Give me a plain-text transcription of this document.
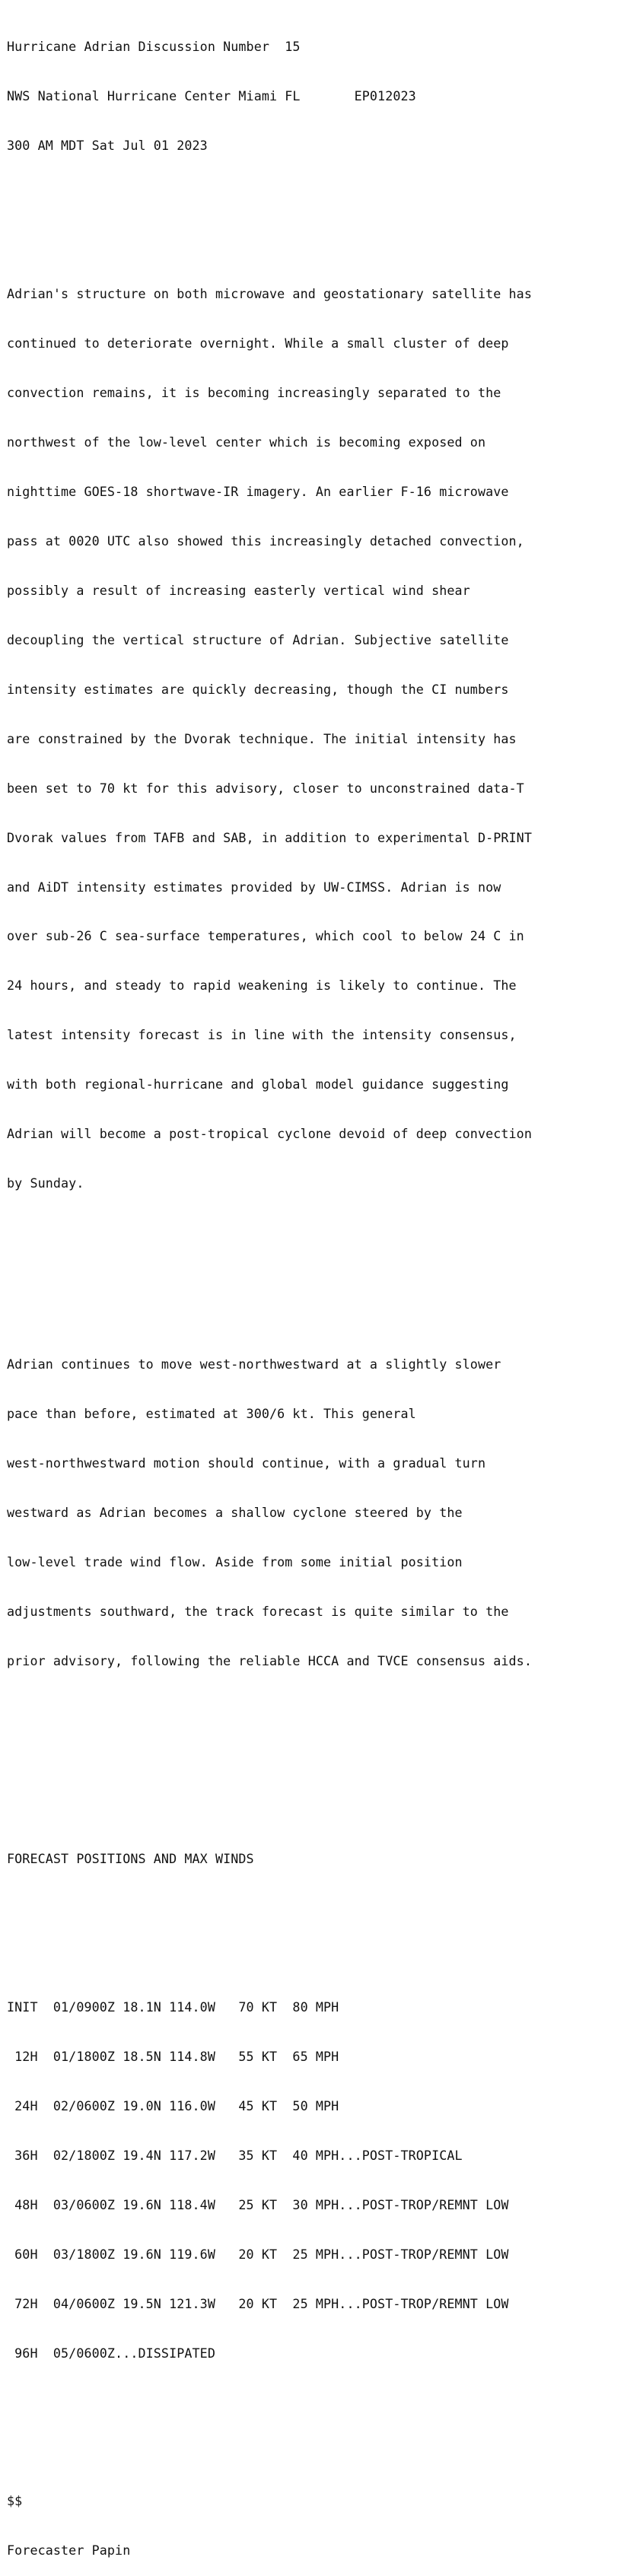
Hurricane Adrian Discussion Number  15

NWS National Hurricane Center Miami FL       EP012023

300 AM MDT Sat Jul 01 2023

Adrian's structure on both microwave and geostationary satellite has

continued to deteriorate overnight. While a small cluster of deep

convection remains, it is becoming increasingly separated to the

northwest of the low-level center which is becoming exposed on

nighttime GOES-18 shortwave-IR imagery. An earlier F-16 microwave

pass at 0020 UTC also showed this increasingly detached convection,

possibly a result of increasing easterly vertical wind shear

decoupling the vertical structure of Adrian. Subjective satellite

intensity estimates are quickly decreasing, though the CI numbers

are constrained by the Dvorak technique. The initial intensity has

been set to 70 kt for this advisory, closer to unconstrained data-T

Dvorak values from TAFB and SAB, in addition to experimental D-PRINT

and AiDT intensity estimates provided by UW-CIMSS. Adrian is now

over sub-26 C sea-surface temperatures, which cool to below 24 C in

24 hours, and steady to rapid weakening is likely to continue. The

latest intensity forecast is in line with the intensity consensus,

with both regional-hurricane and global model guidance suggesting

Adrian will become a post-tropical cyclone devoid of deep convection

by Sunday.

Adrian continues to move west-northwestward at a slightly slower

pace than before, estimated at 300/6 kt. This general

west-northwestward motion should continue, with a gradual turn

westward as Adrian becomes a shallow cyclone steered by the

low-level trade wind flow. Aside from some initial position

adjustments southward, the track forecast is quite similar to the

prior advisory, following the reliable HCCA and TVCE consensus aids.

FORECAST POSITIONS AND MAX WINDS

INIT  01/0900Z 18.1N 114.0W   70 KT  80 MPH

12H  01/1800Z 18.5N 114.8W   55 KT  65 MPH

24H  02/0600Z 19.0N 116.0W   45 KT  50 MPH

36H  02/1800Z 19.4N 117.2W   35 KT  40 MPH...POST-TROPICAL

48H  03/0600Z 19.6N 118.4W   25 KT  30 MPH...POST-TROP/REMNT LOW

60H  03/1800Z 19.6N 119.6W   20 KT  25 MPH...POST-TROP/REMNT LOW

72H  04/0600Z 19.5N 121.3W   20 KT  25 MPH...POST-TROP/REMNT LOW

96H  05/0600Z...DISSIPATED

$$

Forecaster Papin
